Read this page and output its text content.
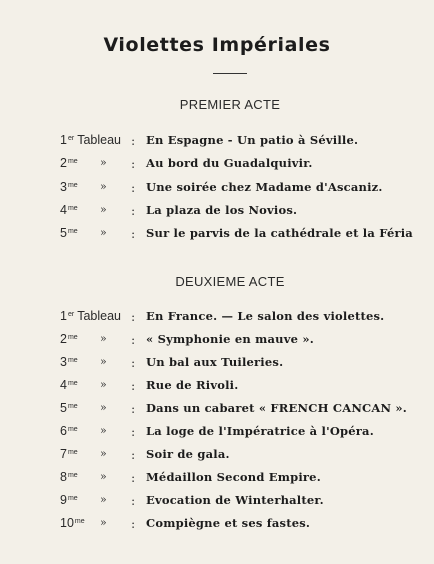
Violettes Impériales
PREMIER ACTE
1er Tableau : En Espagne - Un patio à Séville.
$2^{me}$ » : Au bord du Guadalquivir.
$3^{me}$ » : Une soirée chez Madame d'Ascaniz.
$4^{me}$ » : La plaza de los Novios.
$5^{me}$ » : Sur le parvis de la cathédrale et la Féria
DEUXIEME ACTE
1er Tableau : En France. — Le salon des violettes.
$2^{me}$ » : « Symphonie en mauve ».
$3^{me}$ » : Un bal aux Tuileries.
$4^{me}$ » : Rue de Rivoli.
$5^{me}$ » : Dans un cabaret « FRENCH CANCAN ».
$6^{me}$ » : La loge de l'Impératrice à l'Opéra.
$7^{me}$ » : Soir de gala.
$8^{me}$ » : Médaillon Second Empire.
$9^{me}$ » : Evocation de Winterhalter.
$10^{me}$ » : Compiègne et ses fastes.
